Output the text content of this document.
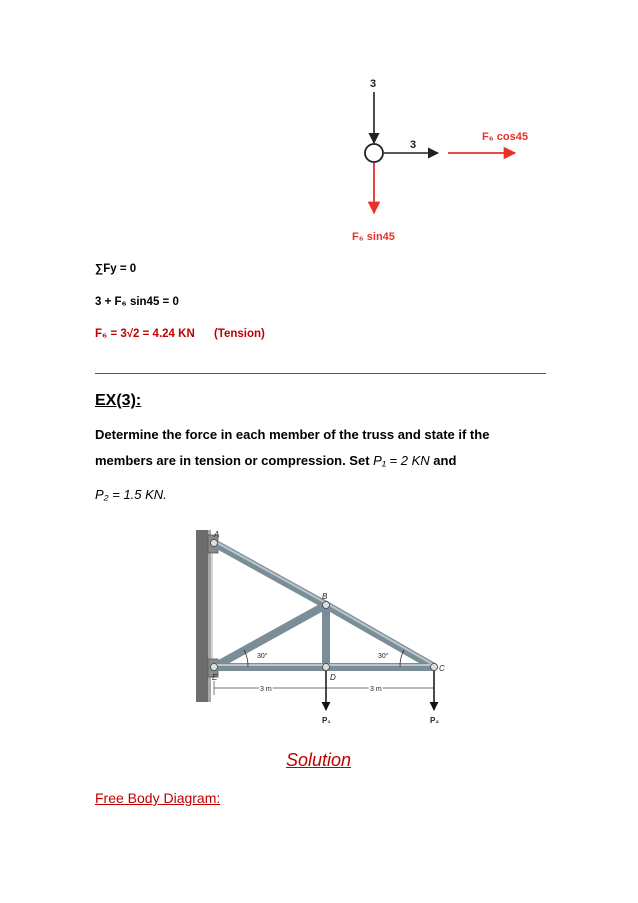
3
3
F₆ cos45
F₆ sin45
∑Fy = 0
3 + F₆ sin45 = 0
F₆ = 3√2 = 4.24 KN (Tension)
EX(3):
Determine the force in each member of the truss and state if the
members are in tension or compression. Set P₁ = 2 KN and
P₂ = 1.5 KN.
A
B
C
D
E
30°	30°
3 m	3 m
P₁	P₂
Solution
Free Body Diagram:
